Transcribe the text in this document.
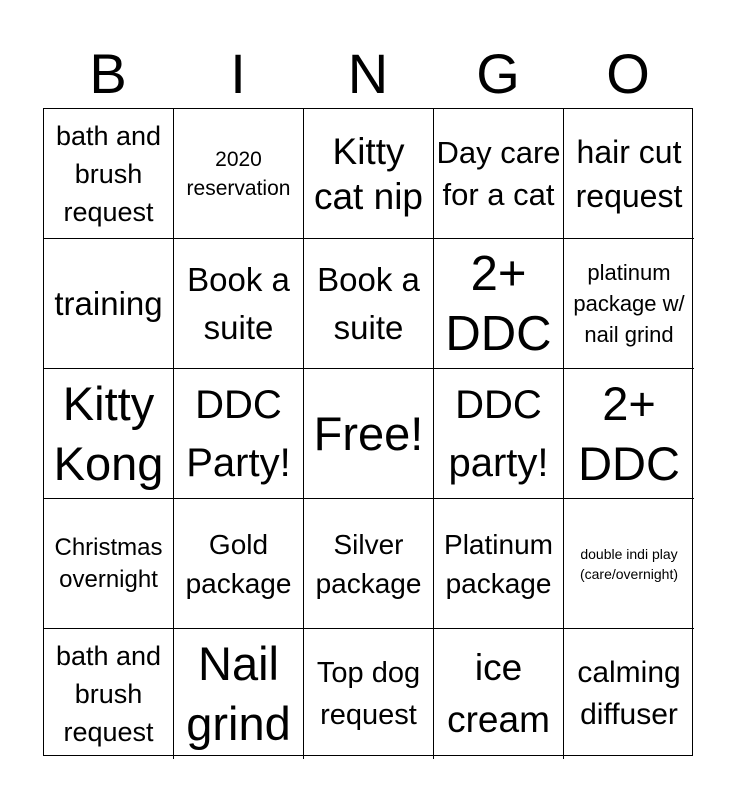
B	I	N	G	O
bath and brush request
2020 reservation
Kitty cat nip
Day care for a cat
hair cut request
training
Book a suite
Book a suite
2+ DDC
platinum package w/ nail grind
Kitty Kong
DDC Party!
Free!
DDC party!
2+ DDC
Christmas overnight
Gold package
Silver package
Platinum package
double indi play (care/overnight)
bath and brush request
Nail grind
Top dog request
ice cream
calming diffuser
